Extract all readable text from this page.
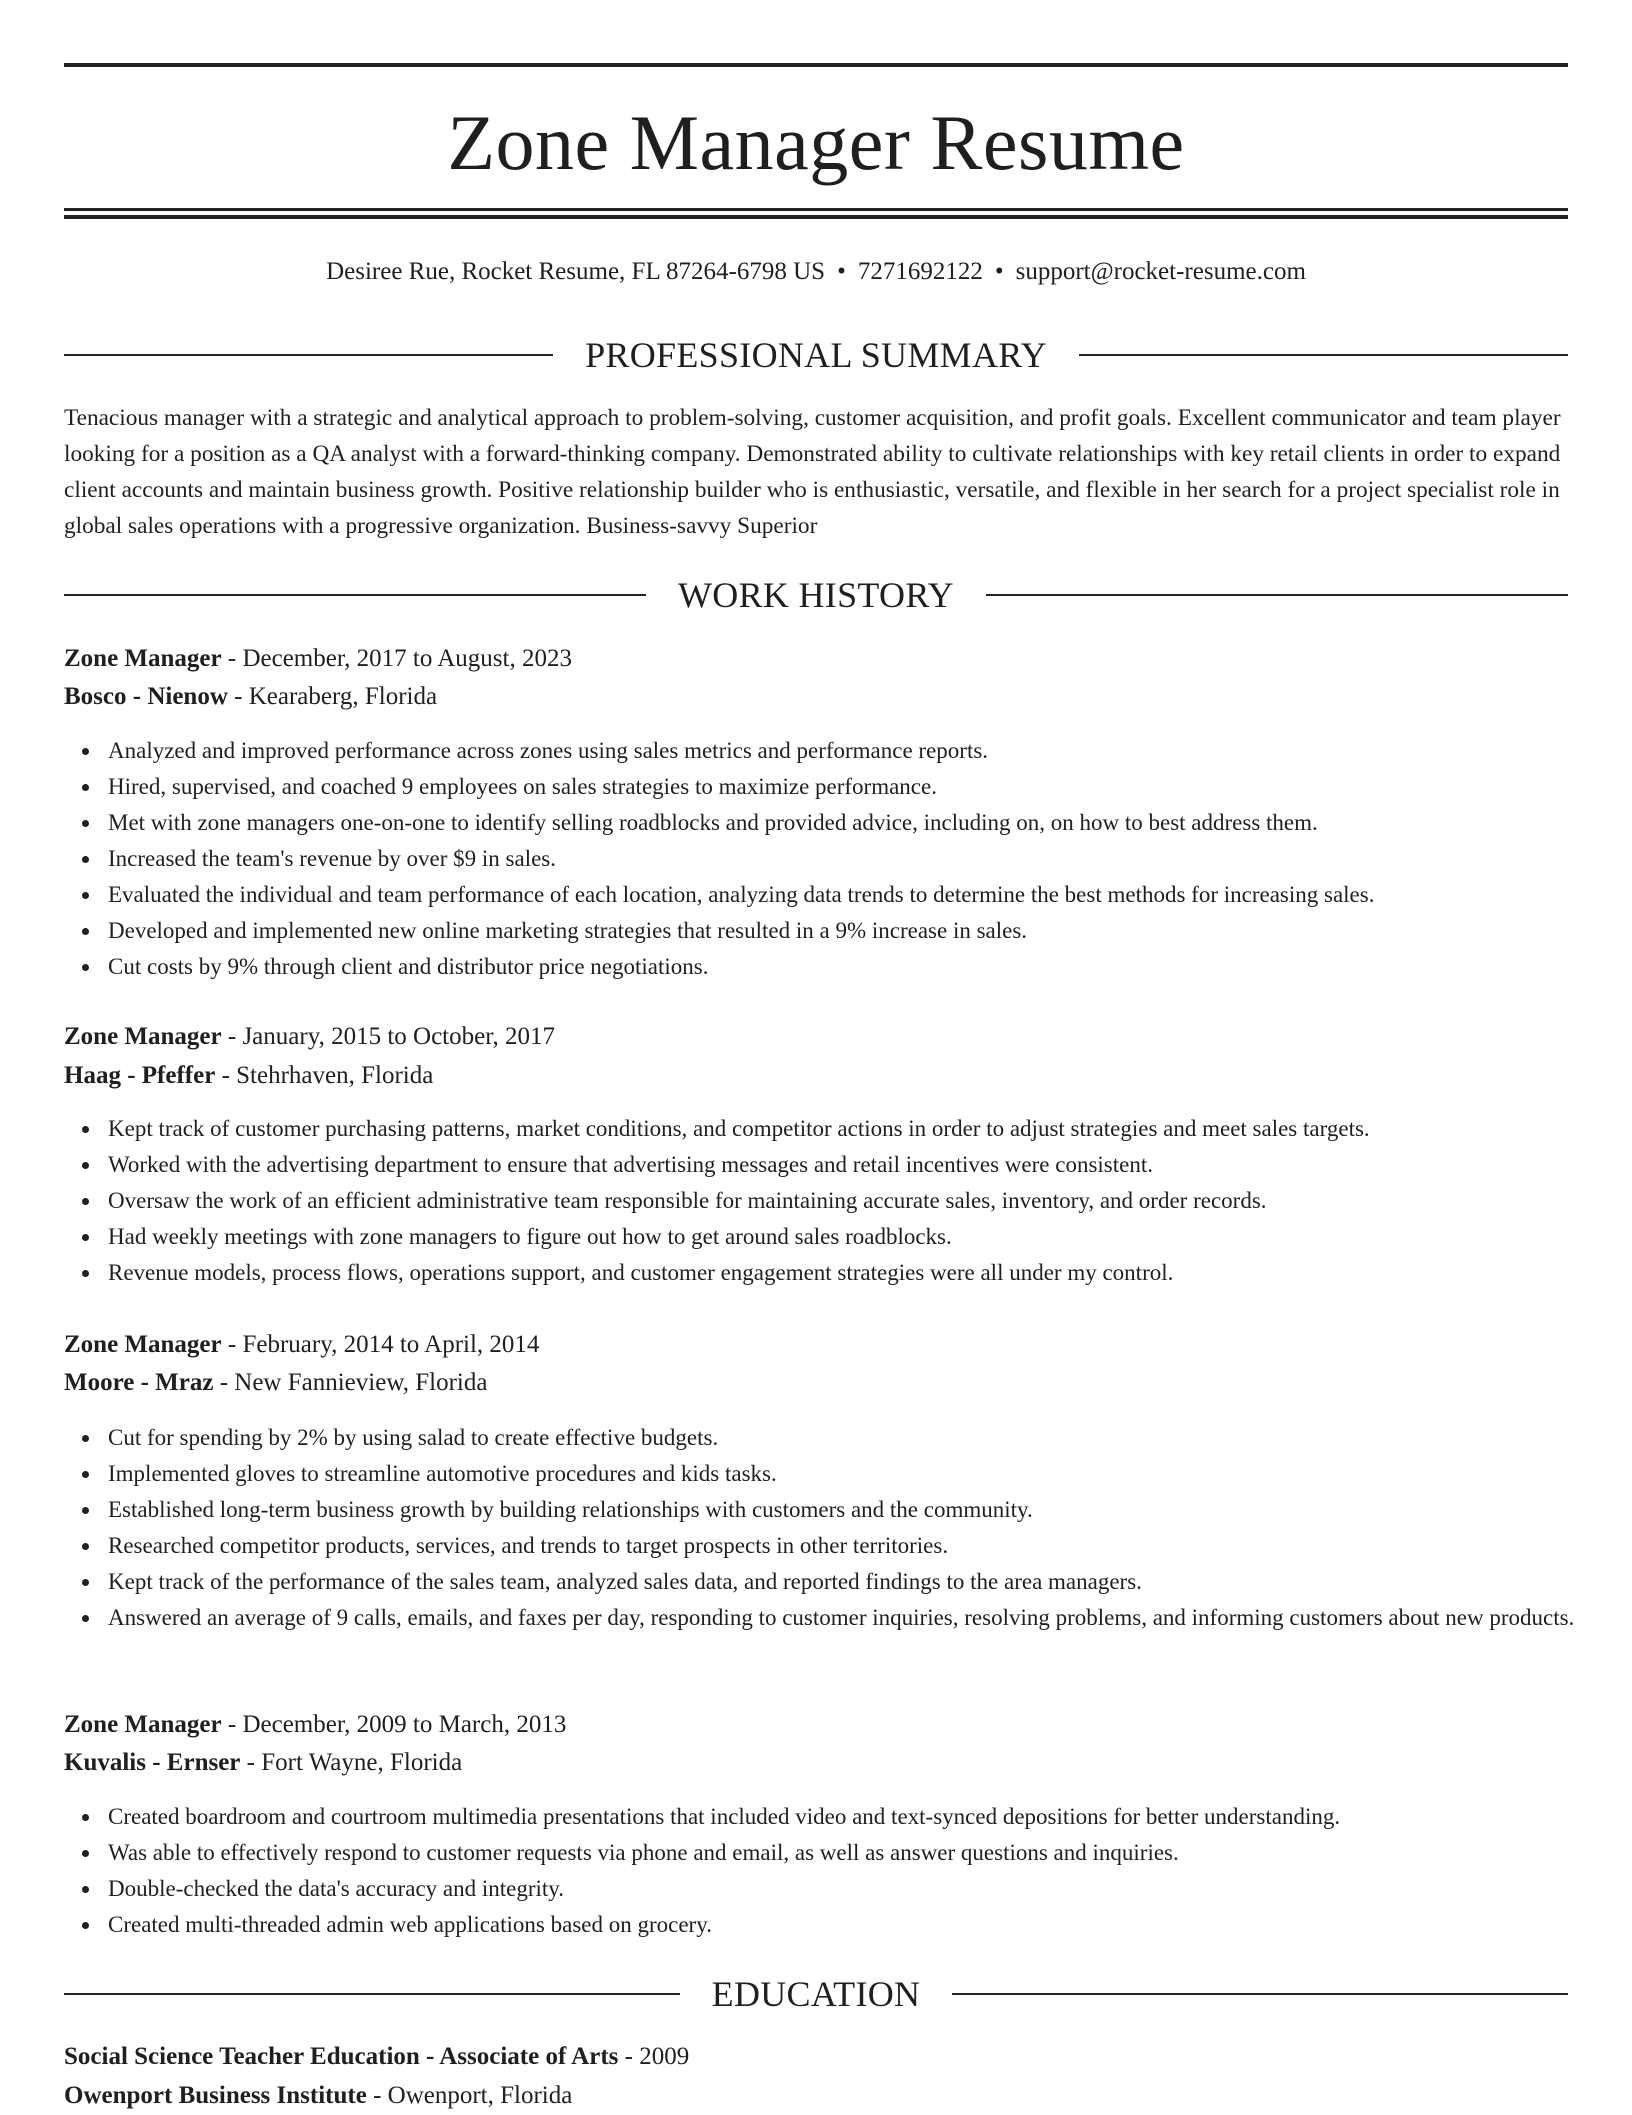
Zone Manager Resume
Desiree Rue, Rocket Resume, FL 87264-6798 US • 7271692122 • support@rocket-resume.com
PROFESSIONAL SUMMARY

Tenacious manager with a strategic and analytical approach to problem-solving, customer acquisition, and profit goals. Excellent communicator and team player looking for a position as a QA analyst with a forward-thinking company. Demonstrated ability to cultivate relationships with key retail clients in order to expand client accounts and maintain business growth. Positive relationship builder who is enthusiastic, versatile, and flexible in her search for a project specialist role in global sales operations with a progressive organization. Business-savvy Superior

WORK HISTORY
Zone Manager - December, 2017 to August, 2023
Bosco - Nienow - Kearaberg, Florida
Analyzed and improved performance across zones using sales metrics and performance reports.
Hired, supervised, and coached 9 employees on sales strategies to maximize performance.
Met with zone managers one-on-one to identify selling roadblocks and provided advice, including on, on how to best address them.
Increased the team's revenue by over $9 in sales.
Evaluated the individual and team performance of each location, analyzing data trends to determine the best methods for increasing sales.
Developed and implemented new online marketing strategies that resulted in a 9% increase in sales.
Cut costs by 9% through client and distributor price negotiations.
Zone Manager - January, 2015 to October, 2017
Haag - Pfeffer - Stehrhaven, Florida
Kept track of customer purchasing patterns, market conditions, and competitor actions in order to adjust strategies and meet sales targets.
Worked with the advertising department to ensure that advertising messages and retail incentives were consistent.
Oversaw the work of an efficient administrative team responsible for maintaining accurate sales, inventory, and order records.
Had weekly meetings with zone managers to figure out how to get around sales roadblocks.
Revenue models, process flows, operations support, and customer engagement strategies were all under my control.
Zone Manager - February, 2014 to April, 2014
Moore - Mraz - New Fannieview, Florida
Cut for spending by 2% by using salad to create effective budgets.
Implemented gloves to streamline automotive procedures and kids tasks.
Established long-term business growth by building relationships with customers and the community.
Researched competitor products, services, and trends to target prospects in other territories.
Kept track of the performance of the sales team, analyzed sales data, and reported findings to the area managers.
Answered an average of 9 calls, emails, and faxes per day, responding to customer inquiries, resolving problems, and informing customers about new products.
Zone Manager - December, 2009 to March, 2013
Kuvalis - Ernser - Fort Wayne, Florida
Created boardroom and courtroom multimedia presentations that included video and text-synced depositions for better understanding.
Was able to effectively respond to customer requests via phone and email, as well as answer questions and inquiries.
Double-checked the data's accuracy and integrity.
Created multi-threaded admin web applications based on grocery.
EDUCATION
Social Science Teacher Education - Associate of Arts - 2009
Owenport Business Institute - Owenport, Florida
